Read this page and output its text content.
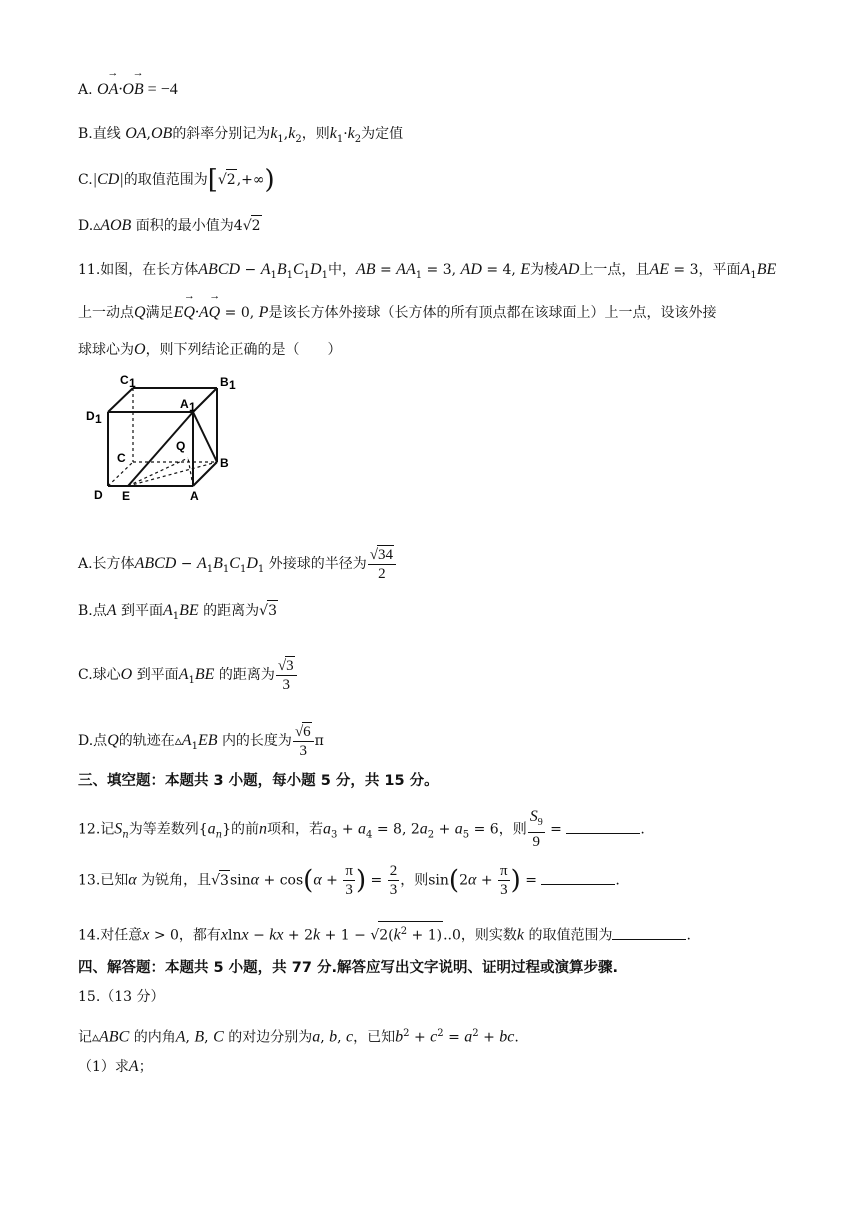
A. → OA·→ OB = −4
B.直线 OA,OB的斜率分别记为$k_1,k_2$，则$k_1\cdot k_2$为定值
C.|CD|的取值范围为[√2,+∞)
D.▵AOB 面积的最小值为4√2
11.如图，在长方体ABCD − $A_1B_1C_1D_1$中，AB = $AA_1 = 3$, AD = 4, E为棱AD上一点，且AE = 3，平面$A_1BE$
上一动点Q满足→ EQ·→ AQ = 0, P是该长方体外接球（长方体的所有顶点都在该球面上）上一点，设该外接
球球心为O，则下列结论正确的是（　　）
C 1	B 1
D 1
A 1
Q
C	B
D E	A
A.长方体ABCD − $A_1B_1C_1D_1$ 外接球的半径为 $\frac{√34}{2}$
B.点A 到平面$A_1BE$ 的距离为√3
C.球心O 到平面$A_1BE$ 的距离为 $\frac{√3}{3}$
D.点Q的轨迹在$▵A_1EB$ 内的长度为 $\frac{√6}{3}$ π
三、填空题：本题共 3 小题，每小题 5 分，共 15 分。
12.记$S_n$为等差数列$\{a_n\}$的前n项和，若$a_3 + a_4 = 8$, $2a_2 + a_5 = 6$，则 $\frac{S_9}{9}$ =	.
13.已知α 为锐角，且$√3\sin\alpha + \cos(\alpha + \frac{\pi}{3}$ ) = $\frac{2}{3}$ ，则$\sin(2\alpha + \frac{\pi}{3}$ ) =	.
14.对任意x > 0，都有xlnx − kx + $2k + 1 - √2(k^2 + 1)..0$，则实数k 的取值范围为	.
四、解答题：本题共 5 小题，共 77 分.解答应写出文字说明、证明过程或演算步骤.
15.（13 分）
记▵ABC 的内角A, B, C 的对边分别为a, b, c，已知$b^2 + c^2 = a^2$ + bc.
（1）求A；
